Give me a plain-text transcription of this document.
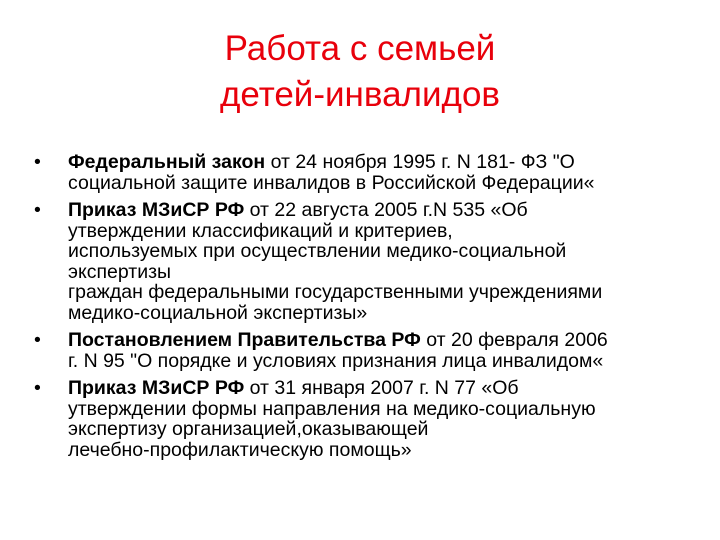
Работа с семьей
детей-инвалидов
• Федеральный закон от 24 ноября 1995 г. N 181- ФЗ "О
социальной защите инвалидов в Российской Федерации«
• Приказ МЗиСР РФ от 22 августа 2005 г.N 535 «Об
утверждении классификаций и критериев,
используемых при осуществлении медико-социальной
экспертизы
граждан федеральными государственными учреждениями
медико-социальной экспертизы»
• Постановлением Правительства РФ от 20 февраля 2006
г. N 95 "О порядке и условиях признания лица инвалидом«
• Приказ МЗиСР РФ от 31 января 2007 г. N 77 «Об
утверждении формы направления на медико-социальную
экспертизу организацией,оказывающей
лечебно-профилактическую помощь»
